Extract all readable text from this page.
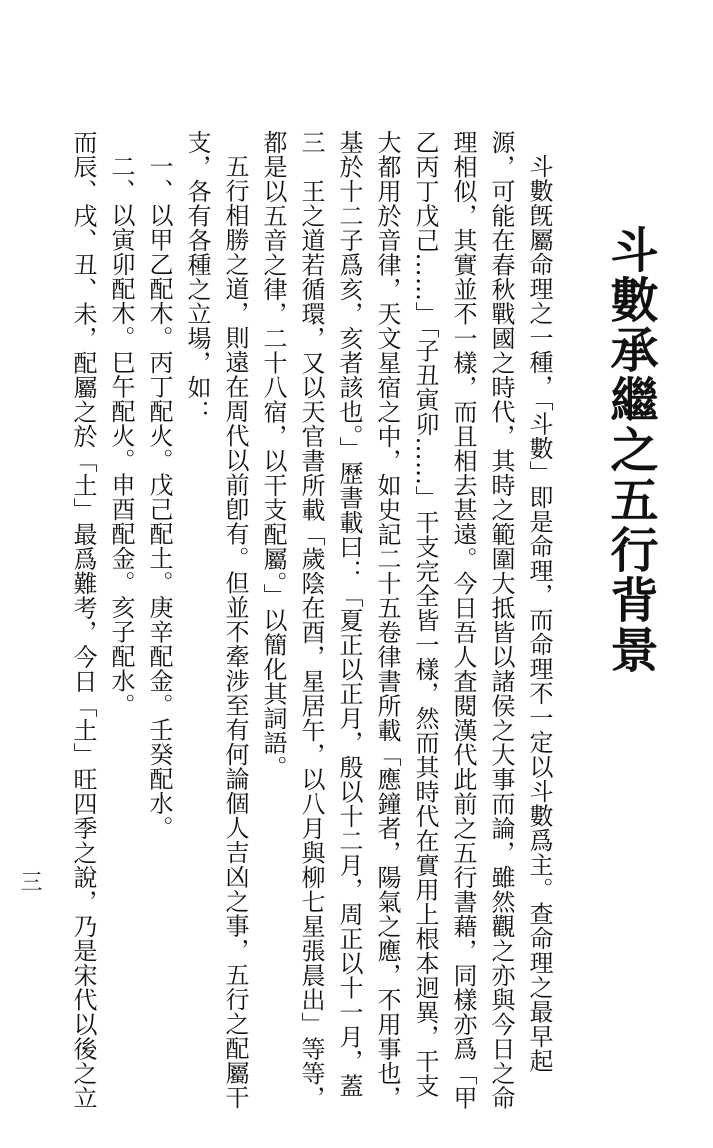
斗數承繼之五行背景

斗數旣屬命理之一種，「斗數」即是命理，而命理不一定以斗數爲主。查命理之最早起源，可能在春秋戰國之時代，其時之範圍大抵皆以諸侯之大事而論，雖然觀之亦與今日之命理相似，其實並不一樣，而且相去甚遠。今日吾人査閱漢代此前之五行書藉，同樣亦爲「甲乙丙丁戊己……」「子丑寅卯……」干支完全皆一樣，然而其時代在實用上根本迥異，干支大都用於音律，天文星宿之中，如史記二十五卷律書所載「應鐘者，陽氣之應，不用事也，基於十二子爲亥，亥者該也。」歷書載曰：「夏正以正月，殷以十二月，周正以十一月，蓋三　王之道若循環，又以天官書所載「歲陰在酉，星居午，以八月與柳七星張晨出」等等，都是以五音之律，二十八宿，以干支配屬。」以簡化其詞語。

五行相勝之道，則遠在周代以前卽有。但並不牽涉至有何論個人吉凶之事，五行之配屬干支，各有各種之立場，如：

一、以甲乙配木。丙丁配火。戊己配土。庚辛配金。壬癸配水。

二、以寅卯配木。巳午配火。申酉配金。亥子配水。

而辰、戌、丑、未，配屬之於「土」最爲難考，今日「土」旺四季之說，乃是宋代以後之立

三
